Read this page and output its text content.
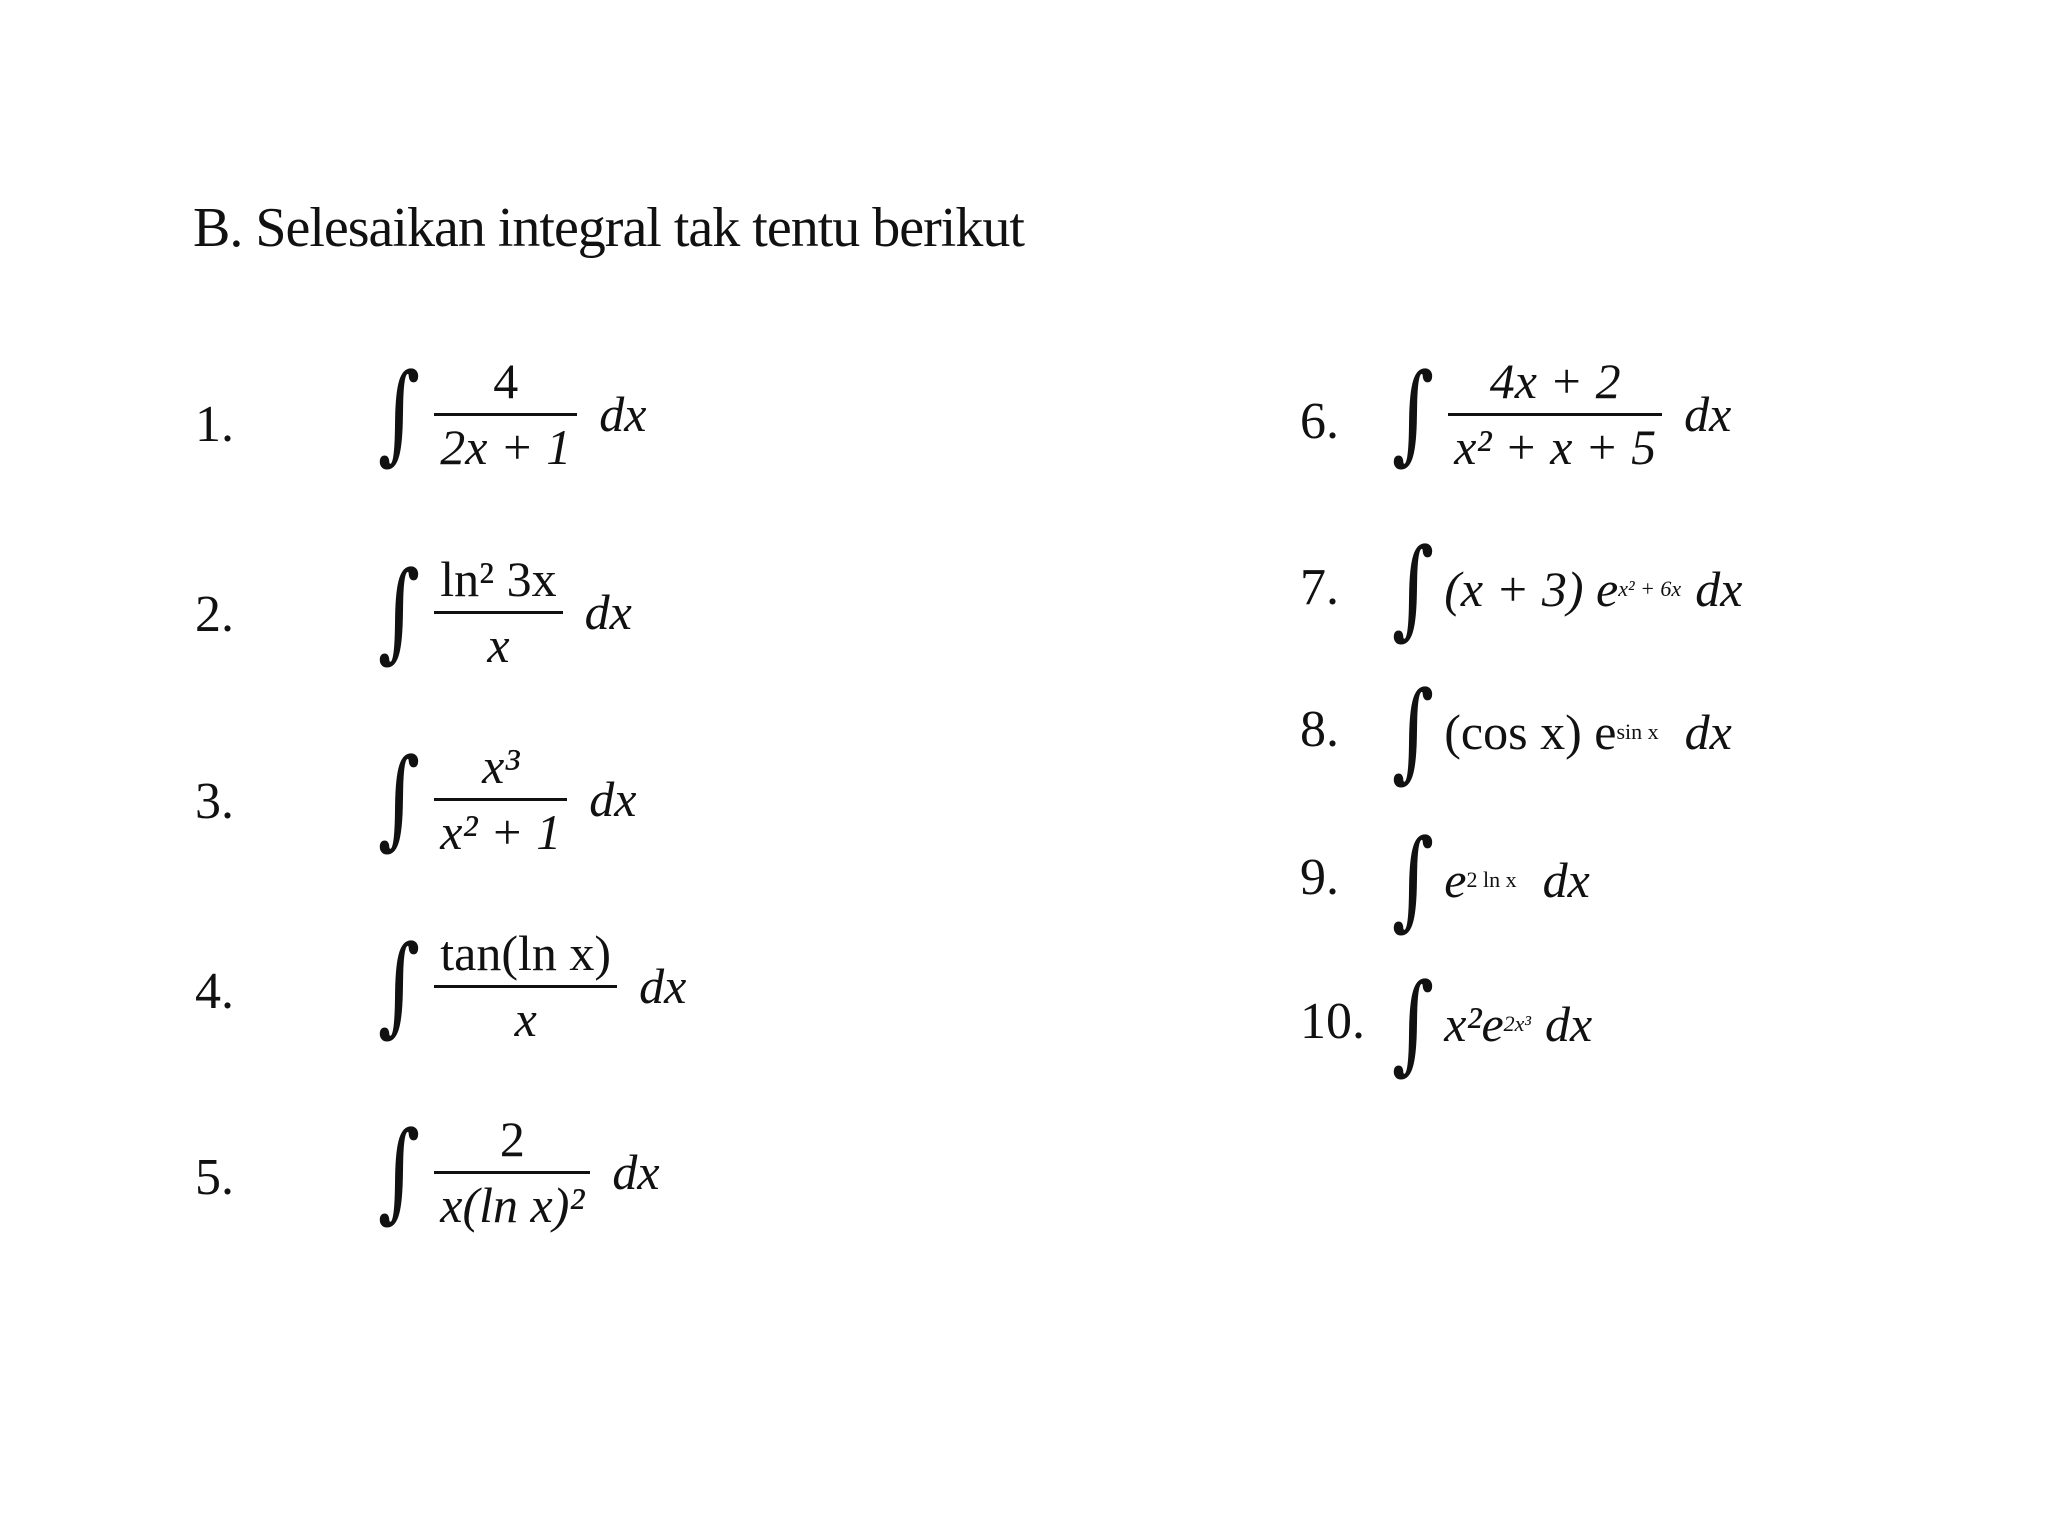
B. Selesaikan integral tak tentu berikut
1. ∫ $\frac{4}{2x + 1}$ dx
2. ∫ $\frac{\text{ln² 3x}}{x}$ dx
3. ∫ $\frac{\text{x³}}{\text{x² + 1}}$ dx
4. ∫ $\frac{\text{tan(ln x)}}{x}$ dx
5. ∫ $\frac{2}{\text{x(ln x)²}}$ dx
6. ∫ $\frac{4x + 2}{\text{x² + x + 5}}$ dx
7. ∫ (x + 3) e x² + 6x dx
8. ∫ (cos x) e sin x dx
9. ∫ e 2 ln x dx
10. ∫ x²e 2x³ dx
